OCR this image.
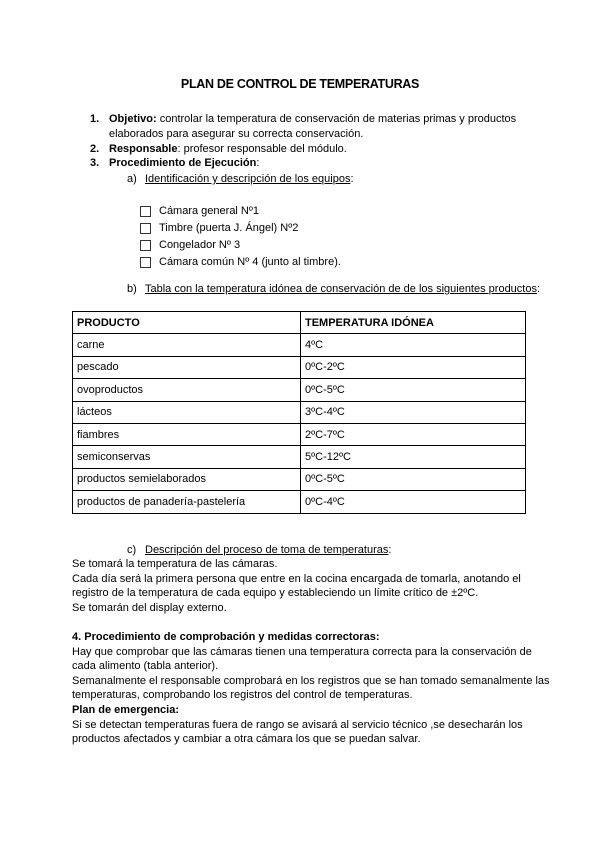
PLAN DE CONTROL DE TEMPERATURAS
1. Objetivo: controlar la temperatura de conservación de materias primas y productos elaborados para asegurar su correcta conservación.
2. Responsable: profesor responsable del módulo.
3. Procedimiento de Ejecución:
a) Identificación y descripción de los equipos:
Cámara general Nº1
Timbre (puerta J. Ángel) Nº2
Congelador Nº 3
Cámara común Nº 4 (junto al timbre).
b) Tabla con la temperatura idónea de conservación de de los siguientes productos:
PRODUCTO	TEMPERATURA IDÓNEA
carne	4ºC
pescado	0ºC-2ºC
ovoproductos	0ºC-5ºC
lácteos	3ºC-4ºC
fiambres	2ºC-7ºC
semiconservas	5ºC-12ºC
productos semielaborados	0ºC-5ºC
productos de panadería-pastelería	0ºC-4ºC
c) Descripción del proceso de toma de temperaturas:
Se tomará la temperatura de las cámaras.
Cada día será la primera persona que entre en la cocina encargada de tomarla, anotando el
registro de la temperatura de cada equipo y estableciendo un límite crítico de ±2ºC.
Se tomarán del display externo.
4. Procedimiento de comprobación y medidas correctoras:
Hay que comprobar que las cámaras tienen una temperatura correcta para la conservación de
cada alimento (tabla anterior).
Semanalmente el responsable comprobará en los registros que se han tomado semanalmente las
temperaturas, comprobando los registros del control de temperaturas.
Plan de emergencia:
Si se detectan temperaturas fuera de rango se avisará al servicio técnico ,se desecharán los
productos afectados y cambiar a otra cámara los que se puedan salvar.
